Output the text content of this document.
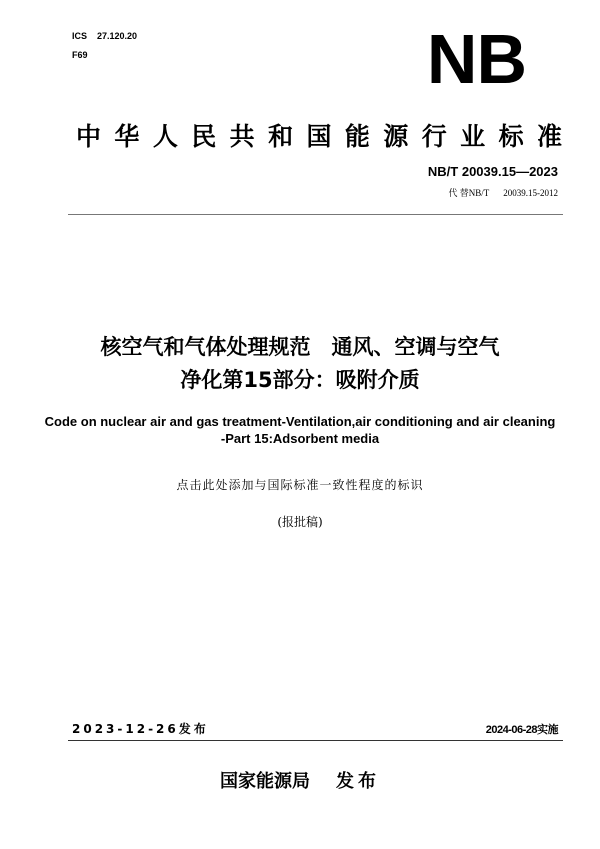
ICS 27.120.20
F69	NB
中华人民共和国能源行业标准
NB/T 20039.15—2023
代 替NB/T 20039.15-2012
核空气和气体处理规范　通风、空调与空气
净化第15部分：吸附介质
Code on nuclear air and gas treatment-Ventilation,air conditioning and air cleaning
-Part 15:Adsorbent media
点击此处添加与国际标准一致性程度的标识
(报批稿)
2023-12-26发布	2024-06-28实施
国家能源局 发布
